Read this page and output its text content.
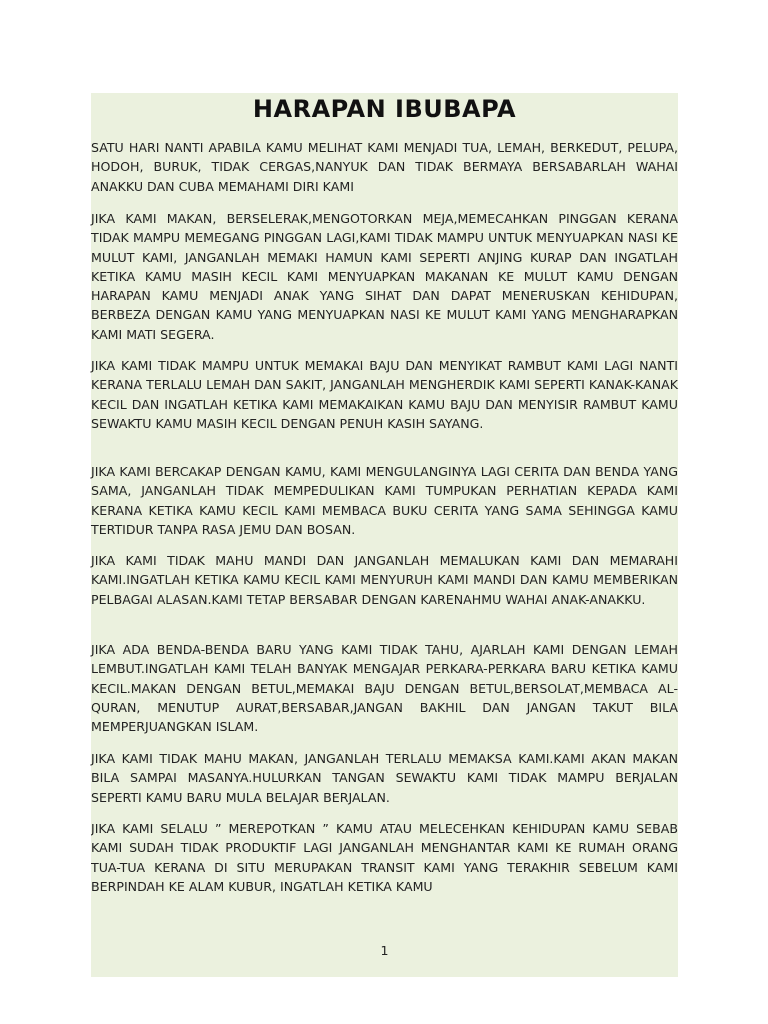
HARAPAN IBUBAPA

SATU HARI NANTI APABILA KAMU MELIHAT KAMI MENJADI TUA, LEMAH, BERKEDUT, PELUPA, HODOH, BURUK, TIDAK CERGAS,NANYUK DAN TIDAK BERMAYA BERSABARLAH WAHAI ANAKKU DAN CUBA MEMAHAMI DIRI KAMI

JIKA KAMI MAKAN, BERSELERAK,MENGOTORKAN MEJA,MEMECAHKAN PINGGAN KERANA TIDAK MAMPU MEMEGANG PINGGAN LAGI,KAMI TIDAK MAMPU UNTUK MENYUAPKAN NASI KE MULUT KAMI, JANGANLAH MEMAKI HAMUN KAMI SEPERTI ANJING KURAP DAN INGATLAH KETIKA KAMU MASIH KECIL KAMI MENYUAPKAN MAKANAN KE MULUT KAMU DENGAN HARAPAN KAMU MENJADI ANAK YANG SIHAT DAN DAPAT MENERUSKAN KEHIDUPAN, BERBEZA DENGAN KAMU YANG MENYUAPKAN NASI KE MULUT KAMI YANG MENGHARAPKAN KAMI MATI SEGERA.

JIKA KAMI TIDAK MAMPU UNTUK MEMAKAI BAJU DAN MENYIKAT RAMBUT KAMI LAGI NANTI KERANA TERLALU LEMAH DAN SAKIT, JANGANLAH MENGHERDIK KAMI SEPERTI KANAK-KANAK KECIL DAN INGATLAH KETIKA KAMI MEMAKAIKAN KAMU BAJU DAN MENYISIR RAMBUT KAMU SEWAKTU KAMU MASIH KECIL DENGAN PENUH KASIH SAYANG.

JIKA KAMI BERCAKAP DENGAN KAMU, KAMI MENGULANGINYA LAGI CERITA DAN BENDA YANG SAMA, JANGANLAH TIDAK MEMPEDULIKAN KAMI TUMPUKAN PERHATIAN KEPADA KAMI KERANA KETIKA KAMU KECIL KAMI MEMBACA BUKU CERITA YANG SAMA SEHINGGA KAMU TERTIDUR TANPA RASA JEMU DAN BOSAN.

JIKA KAMI TIDAK MAHU MANDI DAN JANGANLAH MEMALUKAN KAMI DAN MEMARAHI KAMI.INGATLAH KETIKA KAMU KECIL KAMI MENYURUH KAMI MANDI DAN KAMU MEMBERIKAN PELBAGAI ALASAN.KAMI TETAP BERSABAR DENGAN KARENAHMU WAHAI ANAK-ANAKKU.

JIKA ADA BENDA-BENDA BARU YANG KAMI TIDAK TAHU, AJARLAH KAMI DENGAN LEMAH LEMBUT.INGATLAH KAMI TELAH BANYAK MENGAJAR PERKARA-PERKARA BARU KETIKA KAMU KECIL.MAKAN DENGAN BETUL,MEMAKAI BAJU DENGAN BETUL,BERSOLAT,MEMBACA AL-QURAN, MENUTUP AURAT,BERSABAR,JANGAN BAKHIL DAN JANGAN TAKUT BILA MEMPERJUANGKAN ISLAM.

JIKA KAMI TIDAK MAHU MAKAN, JANGANLAH TERLALU MEMAKSA KAMI.KAMI AKAN MAKAN BILA SAMPAI MASANYA.HULURKAN TANGAN SEWAKTU KAMI TIDAK MAMPU BERJALAN SEPERTI KAMU BARU MULA BELAJAR BERJALAN.

JIKA KAMI SELALU ” MEREPOTKAN ” KAMU ATAU MELECEHKAN KEHIDUPAN KAMU SEBAB KAMI SUDAH TIDAK PRODUKTIF LAGI JANGANLAH MENGHANTAR KAMI KE RUMAH ORANG TUA-TUA KERANA DI SITU MERUPAKAN TRANSIT KAMI YANG TERAKHIR SEBELUM KAMI BERPINDAH KE ALAM KUBUR, INGATLAH KETIKA KAMU

1
